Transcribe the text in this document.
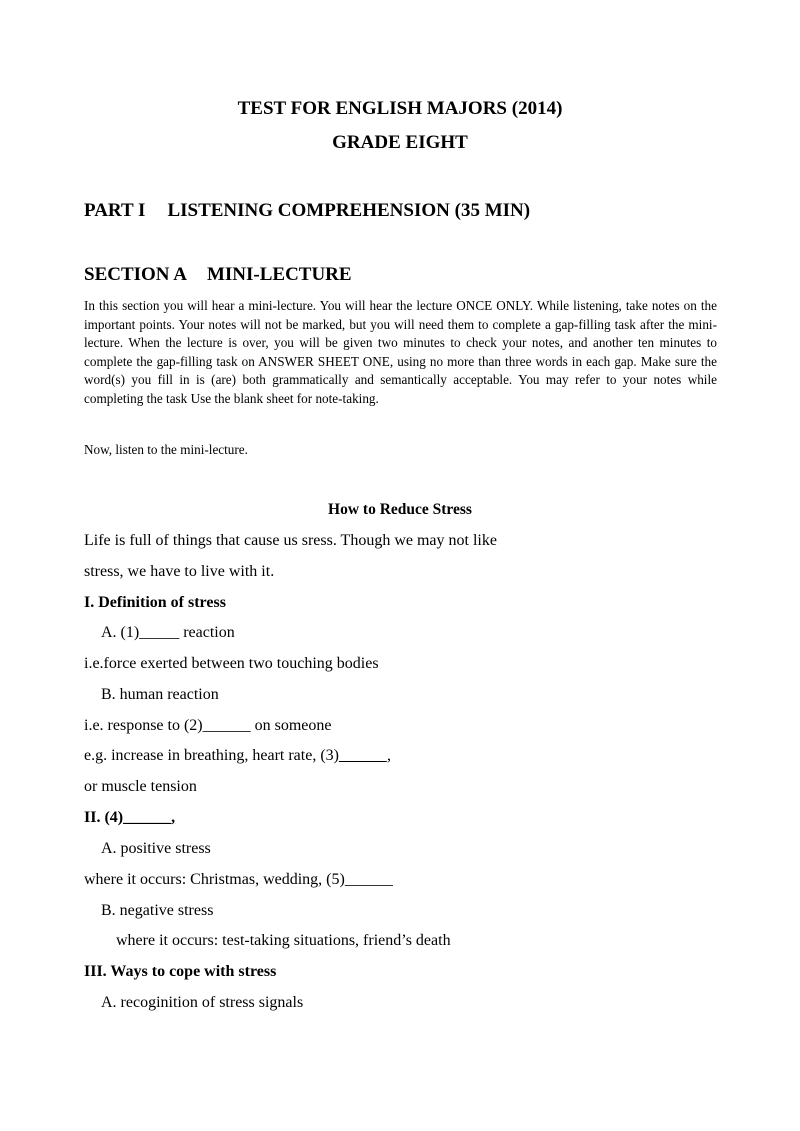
TEST FOR ENGLISH MAJORS (2014)
GRADE EIGHT
PART I LISTENING COMPREHENSION (35 MIN)
SECTION A MINI-LECTURE
In this section you will hear a mini-lecture. You will hear the lecture ONCE ONLY. While listening, take notes on the important points. Your notes will not be marked, but you will need them to complete a gap-filling task after the mini-lecture. When the lecture is over, you will be given two minutes to check your notes, and another ten minutes to complete the gap-filling task on ANSWER SHEET ONE, using no more than three words in each gap. Make sure the word(s) you fill in is (are) both grammatically and semantically acceptable. You may refer to your notes while completing the task Use the blank sheet for note-taking.
Now, listen to the mini-lecture.
How to Reduce Stress
Life is full of things that cause us sress. Though we may not like
stress, we have to live with it.
I. Definition of stress
A. (1)_____ reaction
i.e.force exerted between two touching bodies
B. human reaction
i.e. response to (2)______ on someone
e.g. increase in breathing, heart rate, (3)______,
or muscle tension
II. (4)______,
A. positive stress
where it occurs: Christmas, wedding, (5)______
B. negative stress
where it occurs: test-taking situations, friend’s death
III. Ways to cope with stress
A. recoginition of stress signals
